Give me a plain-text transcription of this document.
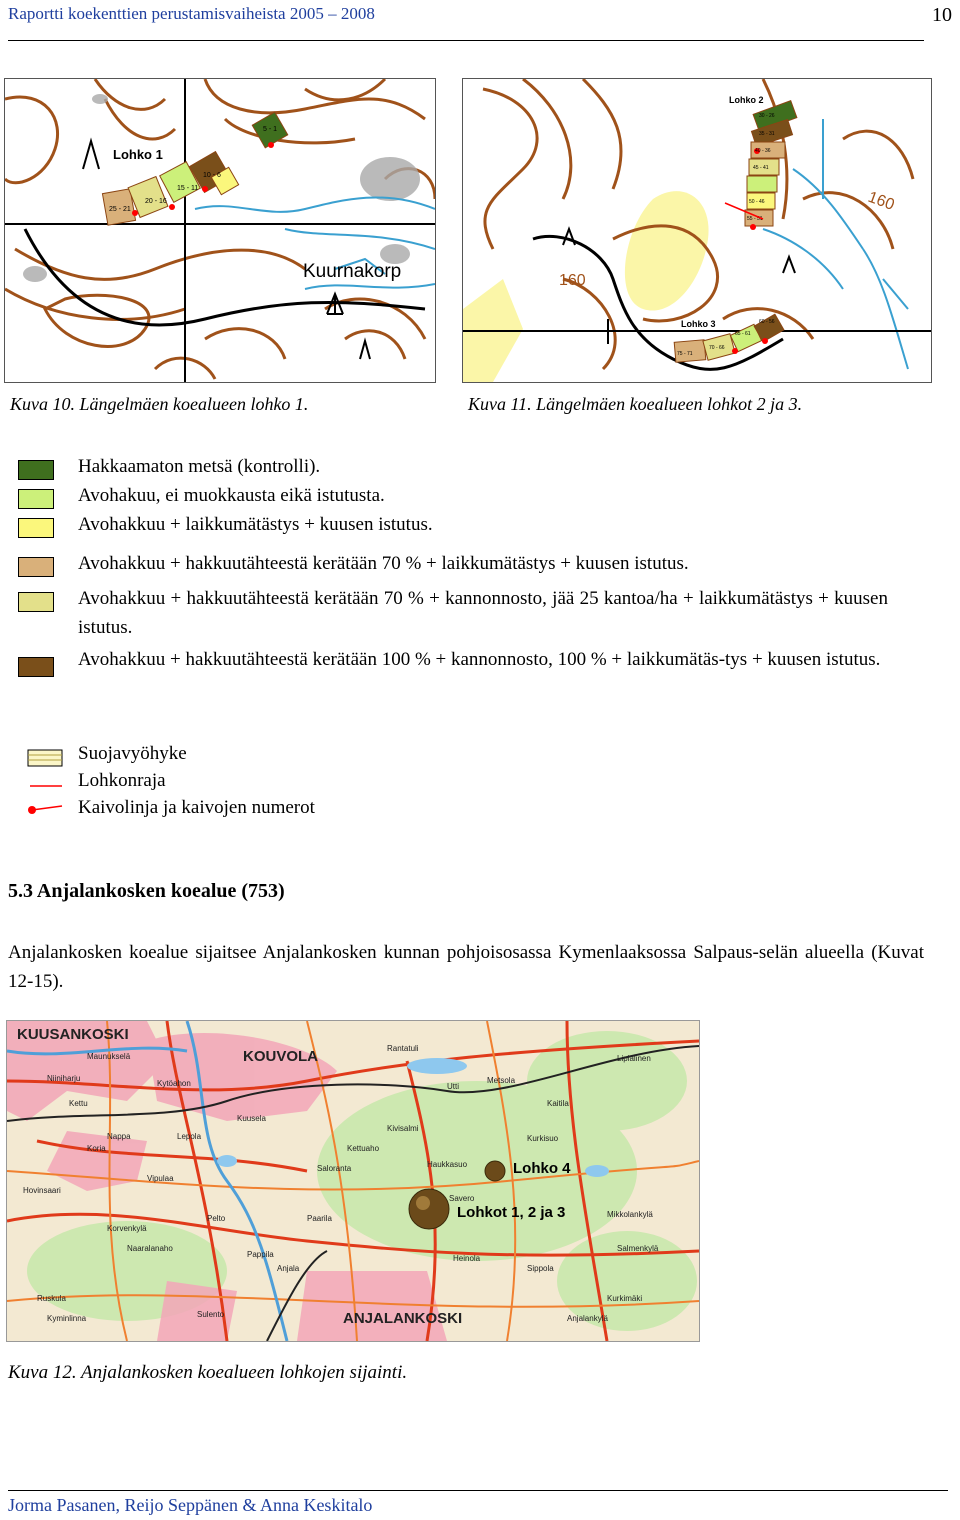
Raportti koekenttien perustamisvaiheista 2005 – 2008	10
Lohko 1
Kuurnakorp
10 - 6
15 - 11
20 - 16
25 - 21
5 - 1
Kuva 10. Längelmäen koealueen lohko 1.
Lohko 2
Lohko 3
160
160
30 - 26
35 - 31
40 - 36
45 - 41
50 - 46
55 - 51
60 - 56
65 - 61
70 - 66
75 - 71
Kuva 11. Längelmäen koealueen lohkot 2 ja 3.
Hakkaamaton metsä (kontrolli).
Avohakuu, ei muokkausta eikä istutusta.
Avohakkuu + laikkumätästys + kuusen istutus.
Avohakkuu + hakkuutähteestä kerätään 70 % + laikkumätästys + kuusen istutus.
Avohakkuu + hakkuutähteestä kerätään 70 % + kannonnosto, jää 25 kantoa/ha + laikkumätästys + kuusen istutus.
Avohakkuu + hakkuutähteestä kerätään 100 % + kannonnosto, 100 % + laikkumätäs-tys + kuusen istutus.
Suojavyöhyke
Lohkonraja
Kaivolinja ja kaivojen numerot
5.3 Anjalankosken koealue (753)
Anjalankosken koealue sijaitsee Anjalankosken kunnan pohjoisosassa Kymenlaaksossa Salpaus-selän alueella (Kuvat 12-15).
KUUSANKOSKI
KOUVOLA
ANJALANKOSKI
Lohko 4
Lohkot 1, 2 ja 3
Maunukselä
Niiniharju
Kytöahon
Kettu
Koria
Nappa	Lepola
Kuusela
Hovinsaari
Vipulaa
Pelto
Korvenkylä
Naaralanaho
Utti
Metsola
Kaitila
Rantatuli
Lipialinen
Kivisalmi
Kettuaho
Saloranta	Haukkasuo
Savero
Kurkisuo
Heinola
Sippola
Mikkolankylä
Salmenkylä
Sulento
Ruskula
Kyminlinna
Anjala
Kurkimäki
Paarila
Anjalankylä
Pappila
Kuva 12. Anjalankosken koealueen lohkojen sijainti.
Jorma Pasanen, Reijo Seppänen & Anna Keskitalo
